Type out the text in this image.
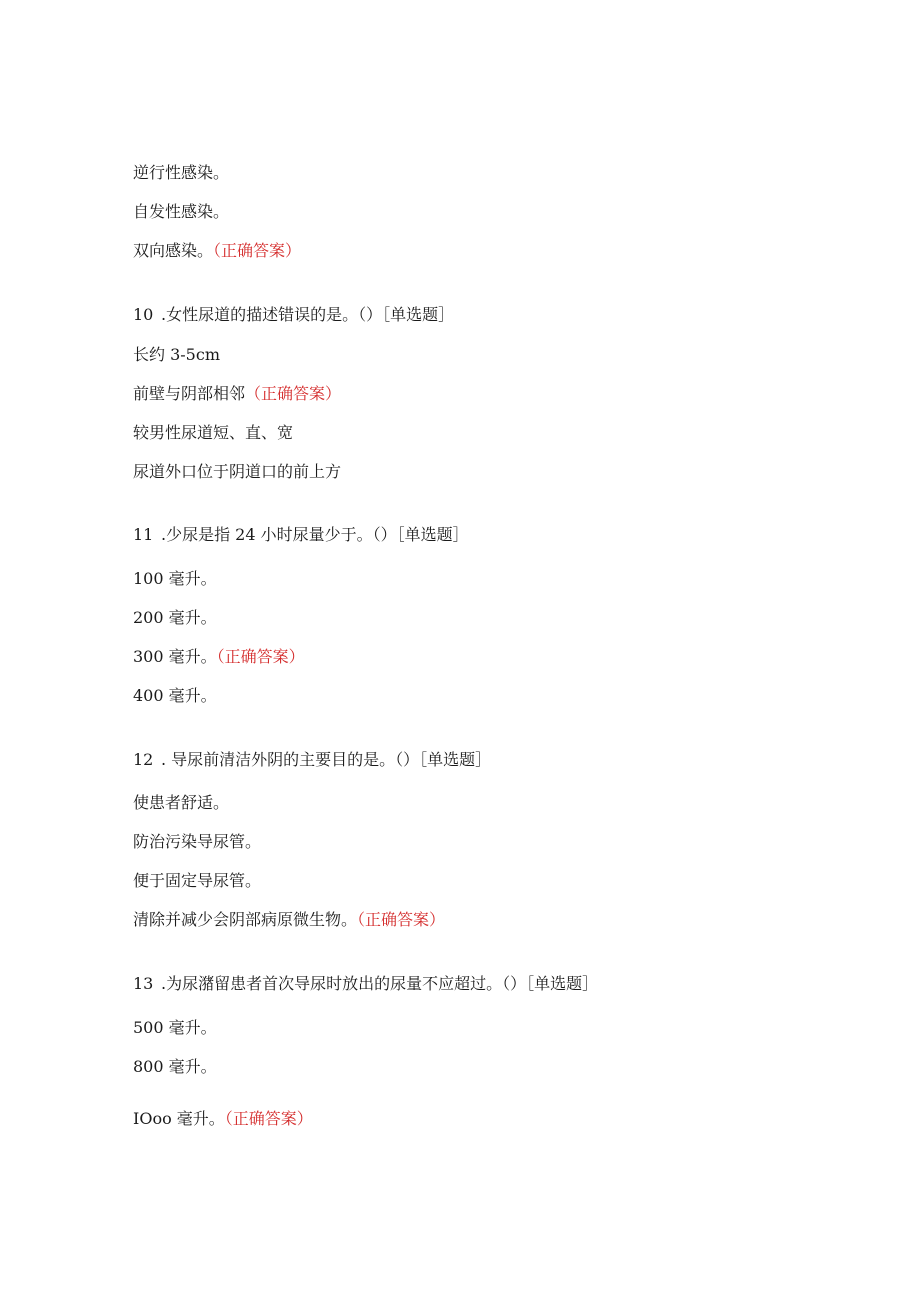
逆行性感染。
自发性感染。
双向感染。（正确答案）
10 .女性尿道的描述错误的是。（）［单选题］
长约 3-5cm
前壁与阴部相邻（正确答案）
较男性尿道短、直、宽
尿道外口位于阴道口的前上方
11 .少尿是指 24 小时尿量少于。（）［单选题］
100 毫升。
200 毫升。
300 毫升。（正确答案）
400 毫升。
12 . 导尿前清洁外阴的主要目的是。（）［单选题］
使患者舒适。
防治污染导尿管。
便于固定导尿管。
清除并减少会阴部病原微生物。（正确答案）
13 .为尿潴留患者首次导尿时放出的尿量不应超过。（）［单选题］
500 毫升。
800 毫升。
IOoo 毫升。（正确答案）
